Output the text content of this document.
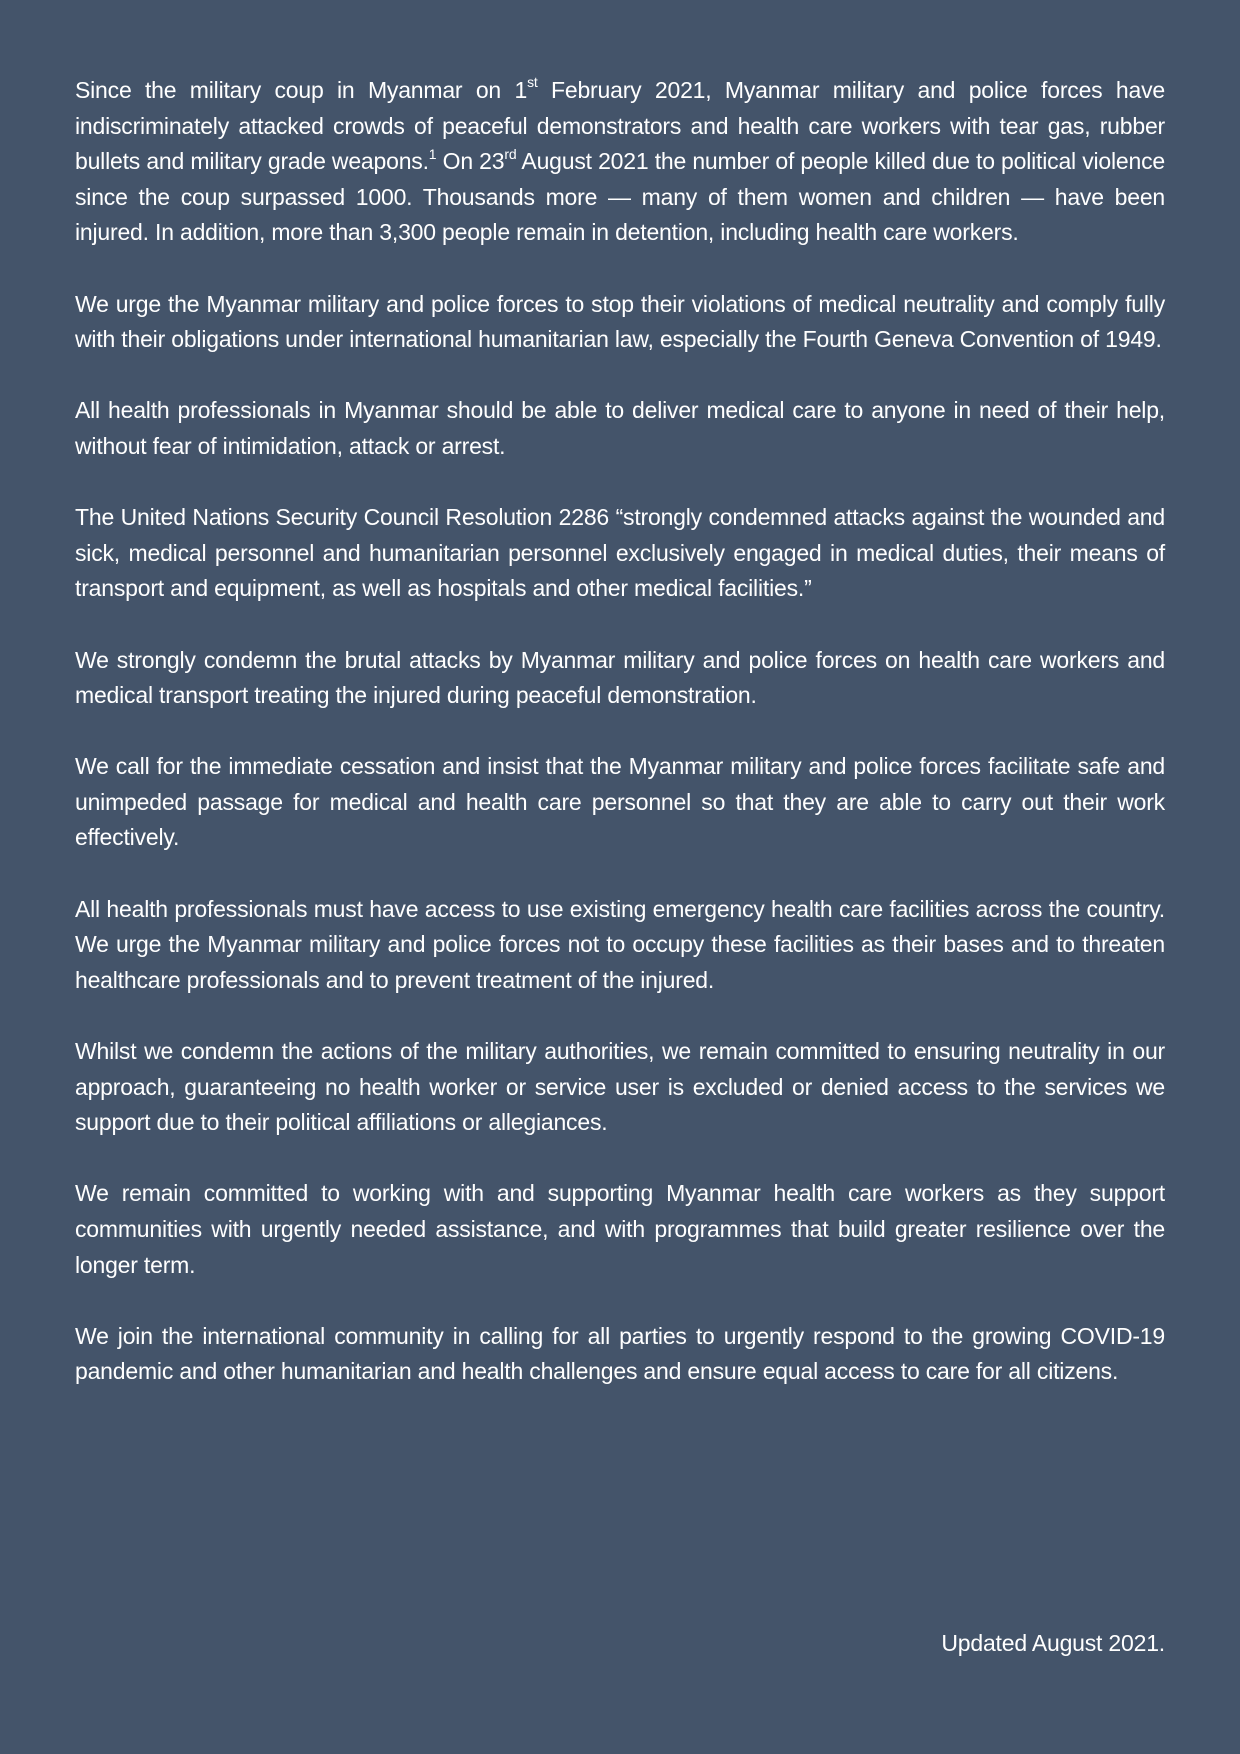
Since the military coup in Myanmar on 1st February 2021, Myanmar military and police forces have indiscriminately attacked crowds of peaceful demonstrators and health care workers with tear gas, rubber bullets and military grade weapons.$^1$ On 23rd August 2021 the number of people killed due to political violence since the coup surpassed 1000. Thousands more — many of them women and children — have been injured. In addition, more than 3,300 people remain in detention, including health care workers.

We urge the Myanmar military and police forces to stop their violations of medical neutrality and comply fully with their obligations under international humanitarian law, especially the Fourth Geneva Convention of 1949.

All health professionals in Myanmar should be able to deliver medical care to anyone in need of their help, without fear of intimidation, attack or arrest.

The United Nations Security Council Resolution 2286 “strongly condemned attacks against the wounded and sick, medical personnel and humanitarian personnel exclusively engaged in medical duties, their means of transport and equipment, as well as hospitals and other medical facilities.”

We strongly condemn the brutal attacks by Myanmar military and police forces on health care workers and medical transport treating the injured during peaceful demonstration.

We call for the immediate cessation and insist that the Myanmar military and police forces facilitate safe and unimpeded passage for medical and health care personnel so that they are able to carry out their work effectively.

All health professionals must have access to use existing emergency health care facilities across the country. We urge the Myanmar military and police forces not to occupy these facilities as their bases and to threaten healthcare professionals and to prevent treatment of the injured.

Whilst we condemn the actions of the military authorities, we remain committed to ensuring neutrality in our approach, guaranteeing no health worker or service user is excluded or denied access to the services we support due to their political affiliations or allegiances.

We remain committed to working with and supporting Myanmar health care workers as they support communities with urgently needed assistance, and with programmes that build greater resilience over the longer term.

We join the international community in calling for all parties to urgently respond to the growing COVID-19 pandemic and other humanitarian and health challenges and ensure equal access to care for all citizens.

Updated August 2021.
